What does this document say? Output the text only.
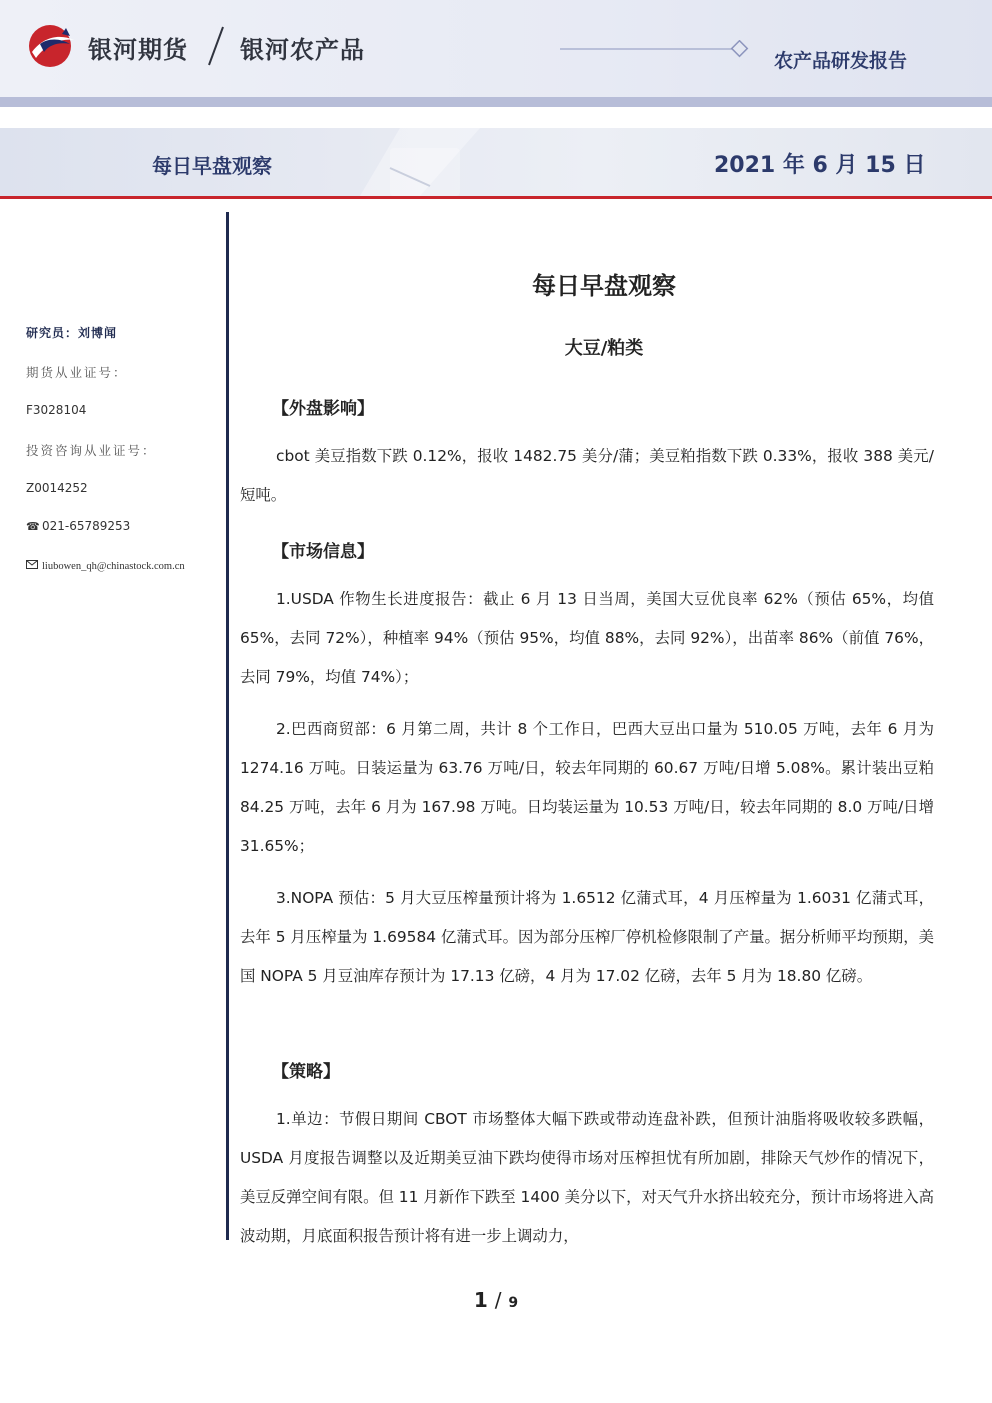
银河期货 银河农产品	农产品研发报告
每日早盘观察	2021 年 6 月 15 日
研究员：刘博闻
期货从业证号：
F3028104
投资咨询从业证号：
Z0014252
☎ 021-65789253
liubowen_qh@chinastock.com.cn
每日早盘观察
大豆/粕类
【外盘影响】
cbot 美豆指数下跌 0.12%，报收 1482.75 美分/蒲；美豆粕指数下跌 0.33%，报收 388 美元/短吨。
【市场信息】
1.USDA 作物生长进度报告：截止 6 月 13 日当周，美国大豆优良率 62%（预估 65%，均值 65%，去同 72%），种植率 94%（预估 95%，均值 88%，去同 92%），出苗率 86%（前值 76%，去同 79%，均值 74%）；
2.巴西商贸部：6 月第二周，共计 8 个工作日，巴西大豆出口量为 510.05 万吨，去年 6 月为 1274.16 万吨。日装运量为 63.76 万吨/日，较去年同期的 60.67 万吨/日增 5.08%。累计装出豆粕 84.25 万吨，去年 6 月为 167.98 万吨。日均装运量为 10.53 万吨/日，较去年同期的 8.0 万吨/日增 31.65%；
3.NOPA 预估：5 月大豆压榨量预计将为 1.6512 亿蒲式耳，4 月压榨量为 1.6031 亿蒲式耳，去年 5 月压榨量为 1.69584 亿蒲式耳。因为部分压榨厂停机检修限制了产量。据分析师平均预期，美国 NOPA 5 月豆油库存预计为 17.13 亿磅，4 月为 17.02 亿磅，去年 5 月为 18.80 亿磅。
【策略】
1.单边：节假日期间 CBOT 市场整体大幅下跌或带动连盘补跌，但预计油脂将吸收较多跌幅，USDA 月度报告调整以及近期美豆油下跌均使得市场对压榨担忧有所加剧，排除天气炒作的情况下，美豆反弹空间有限。但 11 月新作下跌至 1400 美分以下，对天气升水挤出较充分，预计市场将进入高波动期，月底面积报告预计将有进一步上调动力，
1 / 9
